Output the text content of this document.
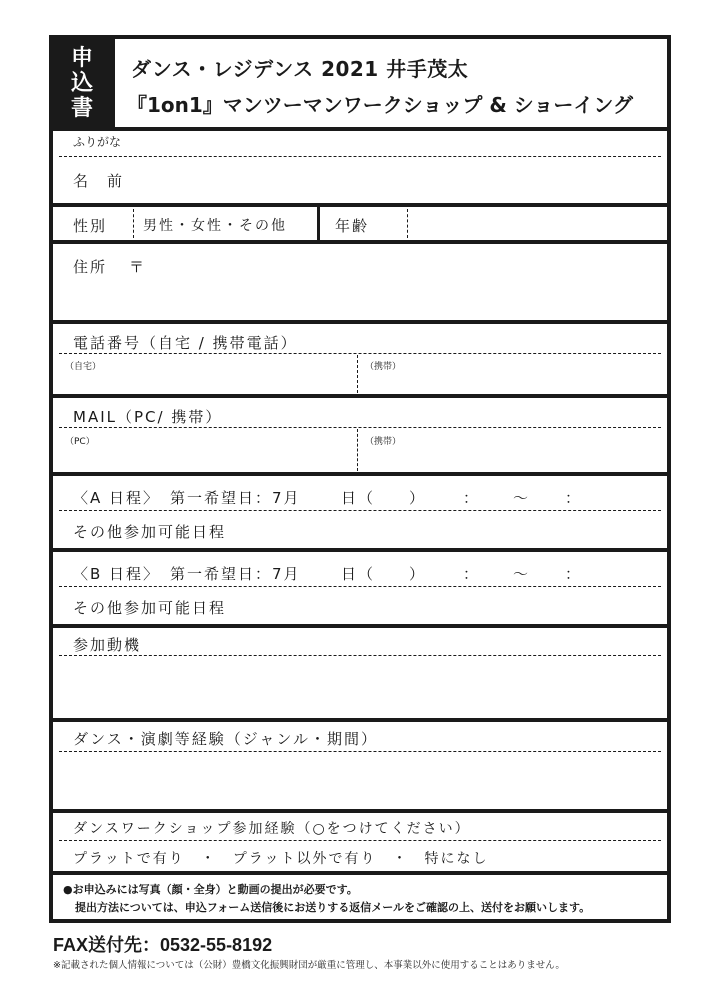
申
込
書
ダンス・レジデンス 2021 井手茂太
『1on1』マンツーマンワークショップ & ショーイング
ふりがな
名　前
性別	男性・女性・その他	年齢
住所 〒
電話番号（自宅 / 携帯電話）
（自宅）	（携帯）
MAIL（PC/ 携帯）
（PC）	（携帯）
〈A 日程〉 第一希望日：7月	日（　　） ： 〜 ：
その他参加可能日程
〈B 日程〉 第一希望日：7月	日（　　） ： 〜 ：
その他参加可能日程
参加動機
ダンス・演劇等経験（ジャンル・期間）
ダンスワークショップ参加経験（○をつけてください）
プラットで有り　・　プラット以外で有り　・　特になし
●お申込みには写真（顔・全身）と動画の提出が必要です。
提出方法については、申込フォーム送信後にお送りする返信メールをご確認の上、送付をお願いします。
FAX送付先：0532-55-8192
※記載された個人情報については（公財）豊橋文化振興財団が厳重に管理し、本事業以外に使用することはありません。
